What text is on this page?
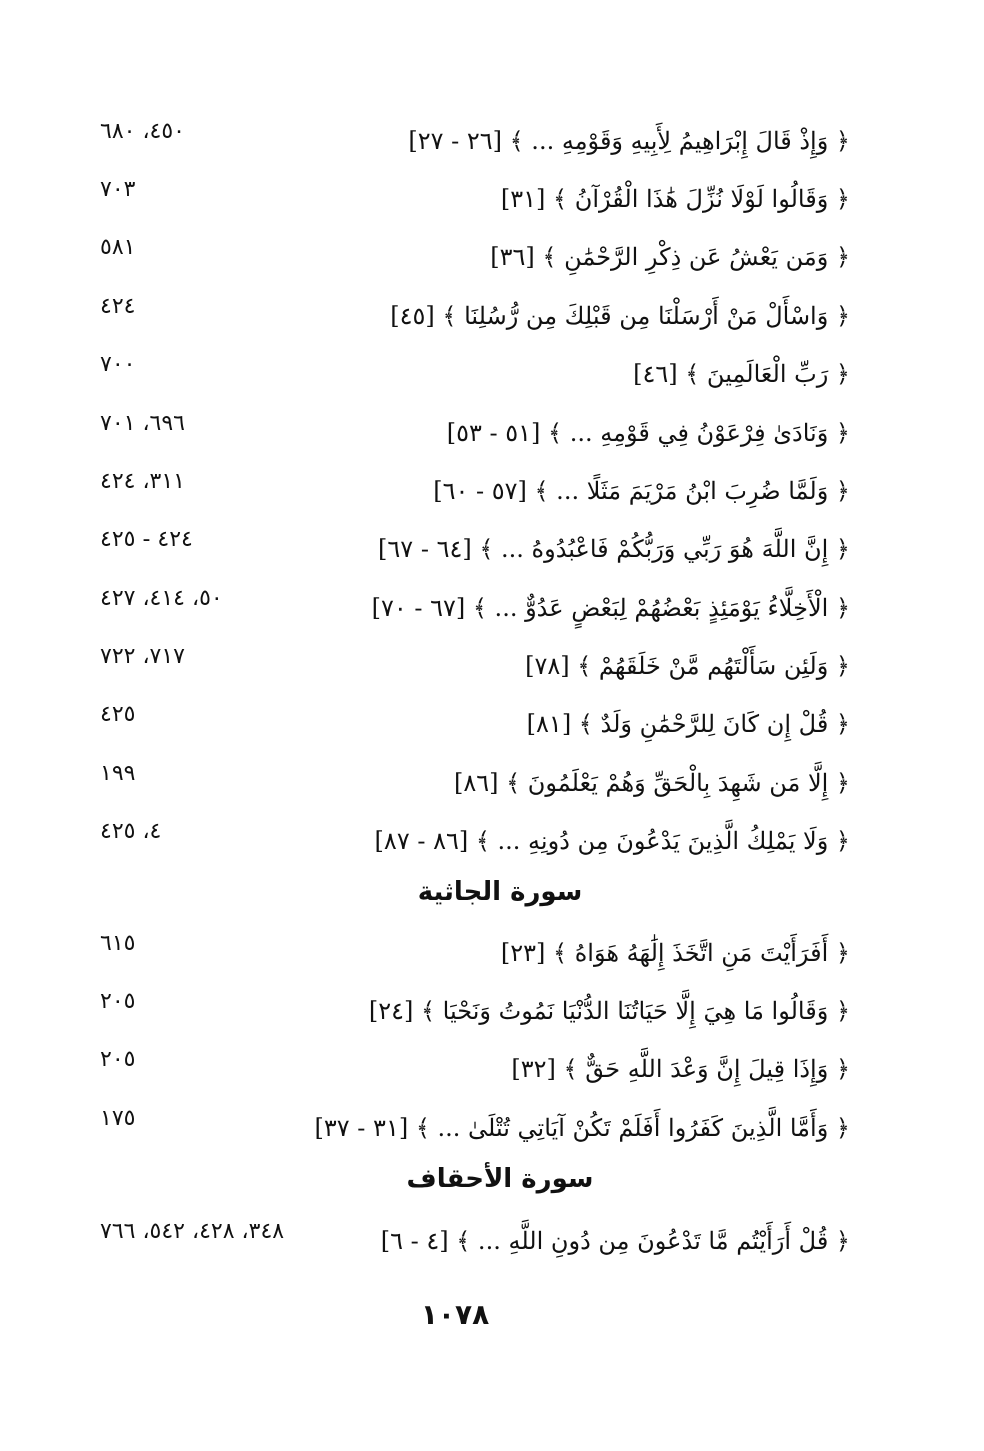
﴿ وَإِذْ قَالَ إِبْرَاهِيمُ لِأَبِيهِ وَقَوْمِهِ ... ﴾ [٢٦ - ٢٧]
٤٥٠، ٦٨٠
﴿ وَقَالُوا لَوْلَا نُزِّلَ هَٰذَا الْقُرْآنُ ﴾ [٣١]
٧٠٣
﴿ وَمَن يَعْشُ عَن ذِكْرِ الرَّحْمَٰنِ ﴾ [٣٦]
٥٨١
﴿ وَاسْأَلْ مَنْ أَرْسَلْنَا مِن قَبْلِكَ مِن رُّسُلِنَا ﴾ [٤٥]
٤٢٤
﴿ رَبِّ الْعَالَمِينَ ﴾ [٤٦]
٧٠٠
﴿ وَنَادَىٰ فِرْعَوْنُ فِي قَوْمِهِ ... ﴾ [٥١ - ٥٣]
٦٩٦، ٧٠١
﴿ وَلَمَّا ضُرِبَ ابْنُ مَرْيَمَ مَثَلًا ... ﴾ [٥٧ - ٦٠]
٣١١، ٤٢٤
﴿ إِنَّ اللَّهَ هُوَ رَبِّي وَرَبُّكُمْ فَاعْبُدُوهُ ... ﴾ [٦٤ - ٦٧]
٤٢٤ - ٤٢٥
﴿ الْأَخِلَّاءُ يَوْمَئِذٍ بَعْضُهُمْ لِبَعْضٍ عَدُوٌّ ... ﴾ [٦٧ - ٧٠]
٥٠، ٤١٤، ٤٢٧
﴿ وَلَئِن سَأَلْتَهُم مَّنْ خَلَقَهُمْ ﴾ [٧٨]
٧١٧، ٧٢٢
﴿ قُلْ إِن كَانَ لِلرَّحْمَٰنِ وَلَدٌ ﴾ [٨١]
٤٢٥
﴿ إِلَّا مَن شَهِدَ بِالْحَقِّ وَهُمْ يَعْلَمُونَ ﴾ [٨٦]
١٩٩
﴿ وَلَا يَمْلِكُ الَّذِينَ يَدْعُونَ مِن دُونِهِ ... ﴾ [٨٦ - ٨٧]
٤، ٤٢٥
سورة الجاثية
﴿ أَفَرَأَيْتَ مَنِ اتَّخَذَ إِلَٰهَهُ هَوَاهُ ﴾ [٢٣]
٦١٥
﴿ وَقَالُوا مَا هِيَ إِلَّا حَيَاتُنَا الدُّنْيَا نَمُوتُ وَنَحْيَا ﴾ [٢٤]
٢٠٥
﴿ وَإِذَا قِيلَ إِنَّ وَعْدَ اللَّهِ حَقٌّ ﴾ [٣٢]
٢٠٥
﴿ وَأَمَّا الَّذِينَ كَفَرُوا أَفَلَمْ تَكُنْ آيَاتِي تُتْلَىٰ ... ﴾ [٣١ - ٣٧]
١٧٥
سورة الأحقاف
﴿ قُلْ أَرَأَيْتُم مَّا تَدْعُونَ مِن دُونِ اللَّهِ ... ﴾ [٤ - ٦]
٣٤٨، ٤٢٨، ٥٤٢، ٧٦٦
١٠٧٨
